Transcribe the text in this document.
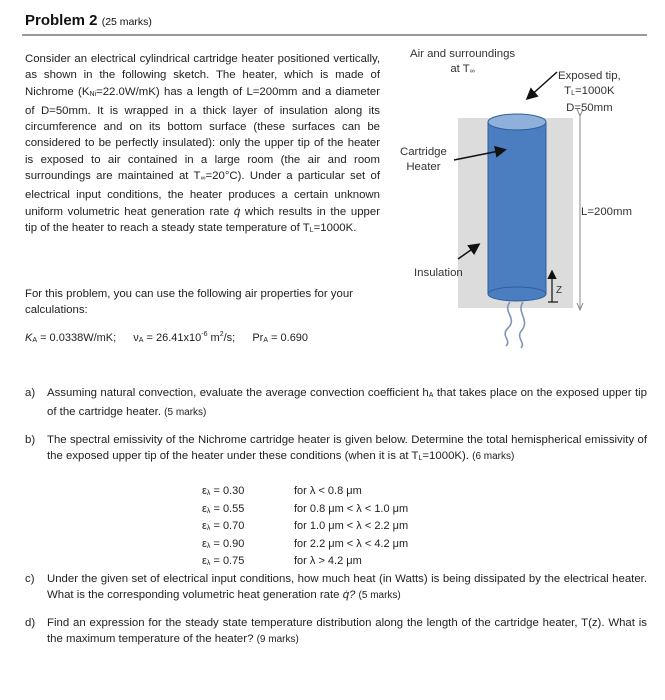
Problem 2 (25 marks)

Consider an electrical cylindrical cartridge heater positioned vertically, as shown in the following sketch. The heater, which is made of Nichrome (KNi=22.0W/mK) has a length of L=200mm and a diameter of D=50mm. It is wrapped in a thick layer of insulation along its circumference and on its bottom surface (these surfaces can be considered to be perfectly insulated): only the upper tip of the heater is exposed to air contained in a large room (the air and room surroundings are maintained at T∞=20°C). Under a particular set of electrical input conditions, the heater produces a certain unknown uniform volumetric heat generation rate q̇ which results in the upper tip of the heater to reach a steady state temperature of TL=1000K.

For this problem, you can use the following air properties for your calculations:
KA = 0.0338W/mK; $\nu A = 26.41x10^{-6}$ $m^2/s$; PrA = 0.690
Air and surroundings
at T∞	Exposed tip,
TL=1000K
D=50mm
Cartridge
Heater
Insulation
L=200mm
Z
a) Assuming natural convection, evaluate the average convection coefficient hA that takes place on the exposed upper tip of the cartridge heater. (5 marks)
b) The spectral emissivity of the Nichrome cartridge heater is given below. Determine the total hemispherical emissivity of the exposed upper tip of the heater under these conditions (when it is at TL=1000K). (6 marks)
c) Under the given set of electrical input conditions, how much heat (in Watts) is being dissipated by the electrical heater. What is the corresponding volumetric heat generation rate q̇? (5 marks)
d) Find an expression for the steady state temperature distribution along the length of the cartridge heater, T(z). What is the maximum temperature of the heater? (9 marks)
ελ = 0.30	for λ < 0.8 μm
ελ = 0.55	for 0.8 μm < λ < 1.0 μm
ελ = 0.70	for 1.0 μm < λ < 2.2 μm
ελ = 0.90	for 2.2 μm < λ < 4.2 μm
ελ = 0.75	for λ > 4.2 μm
